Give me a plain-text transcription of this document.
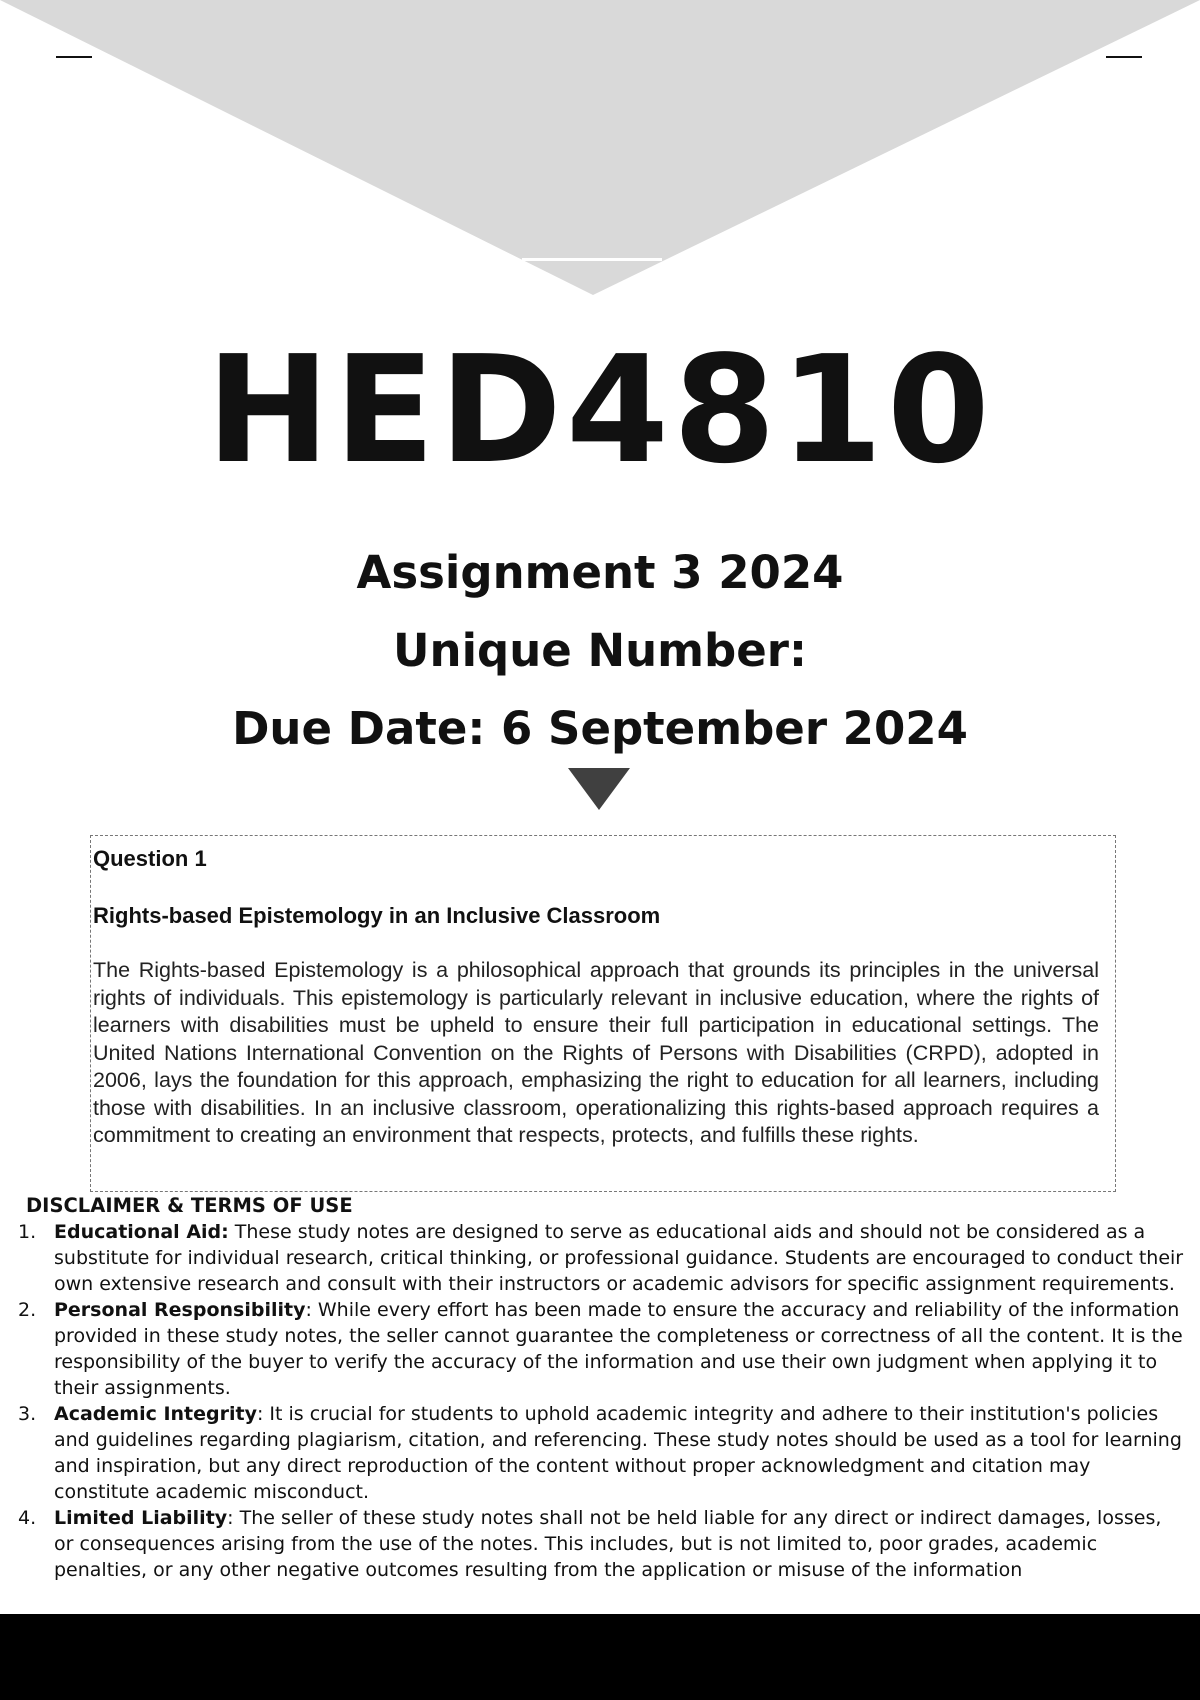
HED4810
Assignment 3 2024
Unique Number:
Due Date: 6 September 2024
Question 1
Rights-based Epistemology in an Inclusive Classroom
The Rights-based Epistemology is a philosophical approach that grounds its principles in the universal rights of individuals. This epistemology is particularly relevant in inclusive education, where the rights of learners with disabilities must be upheld to ensure their full participation in educational settings. The United Nations International Convention on the Rights of Persons with Disabilities (CRPD), adopted in 2006, lays the foundation for this approach, emphasizing the right to education for all learners, including those with disabilities. In an inclusive classroom, operationalizing this rights-based approach requires a commitment to creating an environment that respects, protects, and fulfills these rights.
DISCLAIMER & TERMS OF USE
1. Educational Aid: These study notes are designed to serve as educational aids and should not be considered as a substitute for individual research, critical thinking, or professional guidance. Students are encouraged to conduct their own extensive research and consult with their instructors or academic advisors for specific assignment requirements.
2. Personal Responsibility: While every effort has been made to ensure the accuracy and reliability of the information provided in these study notes, the seller cannot guarantee the completeness or correctness of all the content. It is the responsibility of the buyer to verify the accuracy of the information and use their own judgment when applying it to their assignments.
3. Academic Integrity: It is crucial for students to uphold academic integrity and adhere to their institution's policies and guidelines regarding plagiarism, citation, and referencing. These study notes should be used as a tool for learning and inspiration, but any direct reproduction of the content without proper acknowledgment and citation may constitute academic misconduct.
4. Limited Liability: The seller of these study notes shall not be held liable for any direct or indirect damages, losses, or consequences arising from the use of the notes. This includes, but is not limited to, poor grades, academic penalties, or any other negative outcomes resulting from the application or misuse of the information
